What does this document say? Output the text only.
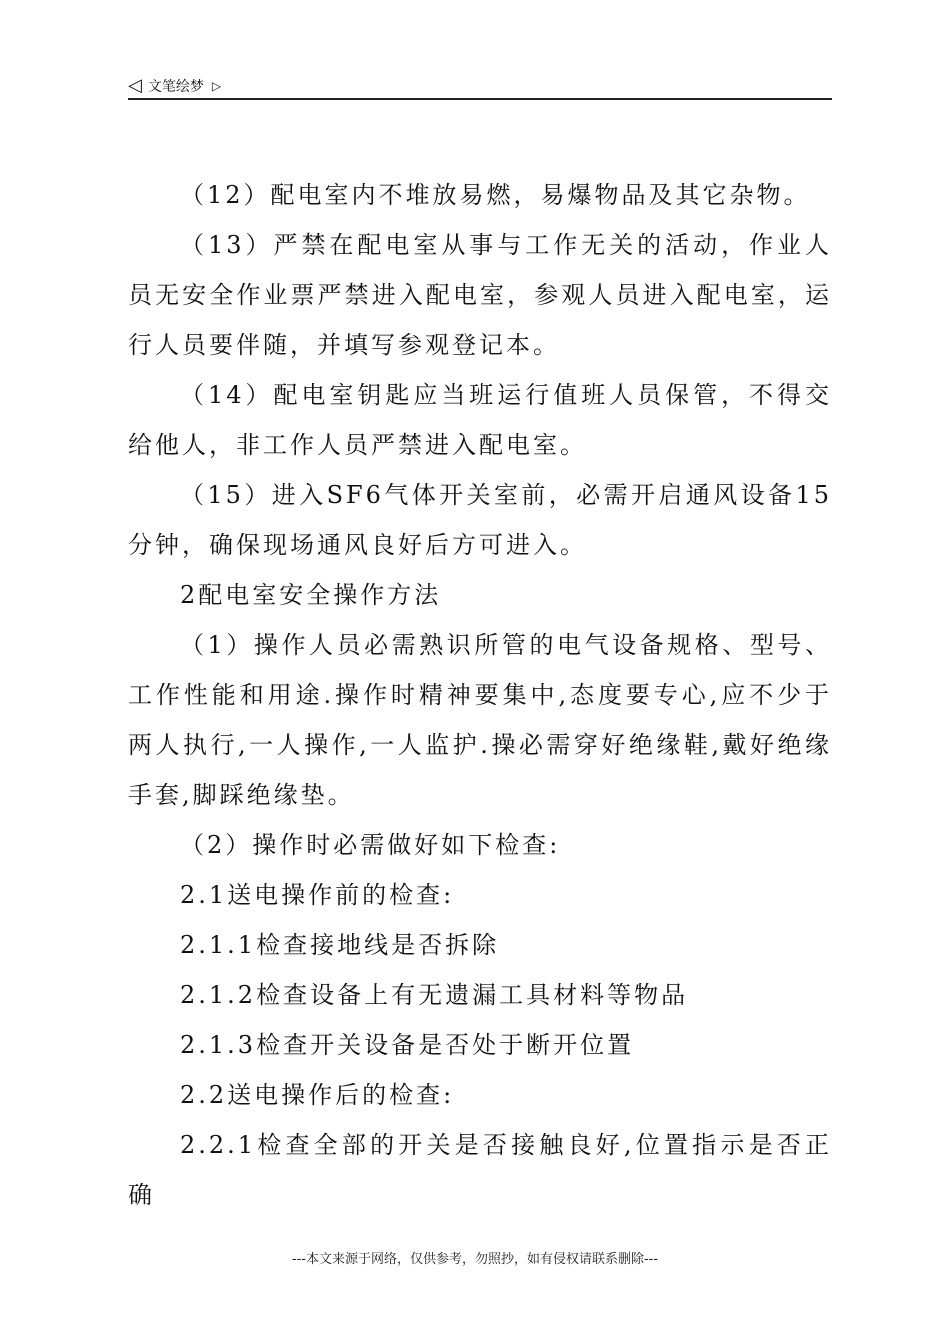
◁ 文笔绘梦 ▷

（12）配电室内不堆放易燃，易爆物品及其它杂物。

（13）严禁在配电室从事与工作无关的活动，作业人员无安全作业票严禁进入配电室，参观人员进入配电室，运行人员要伴随，并填写参观登记本。

（14）配电室钥匙应当班运行值班人员保管，不得交给他人，非工作人员严禁进入配电室。

（15）进入SF6气体开关室前，必需开启通风设备15分钟，确保现场通风良好后方可进入。

2配电室安全操作方法

（1）操作人员必需熟识所管的电气设备规格、型号、工作性能和用途.操作时精神要集中,态度要专心,应不少于两人执行,一人操作,一人监护.操必需穿好绝缘鞋,戴好绝缘手套,脚踩绝缘垫。

（2）操作时必需做好如下检查:

2.1送电操作前的检查:

2.1.1检查接地线是否拆除

2.1.2检查设备上有无遗漏工具材料等物品

2.1.3检查开关设备是否处于断开位置

2.2送电操作后的检查:

2.2.1检查全部的开关是否接触良好,位置指示是否正确

---本文来源于网络，仅供参考，勿照抄，如有侵权请联系删除---
